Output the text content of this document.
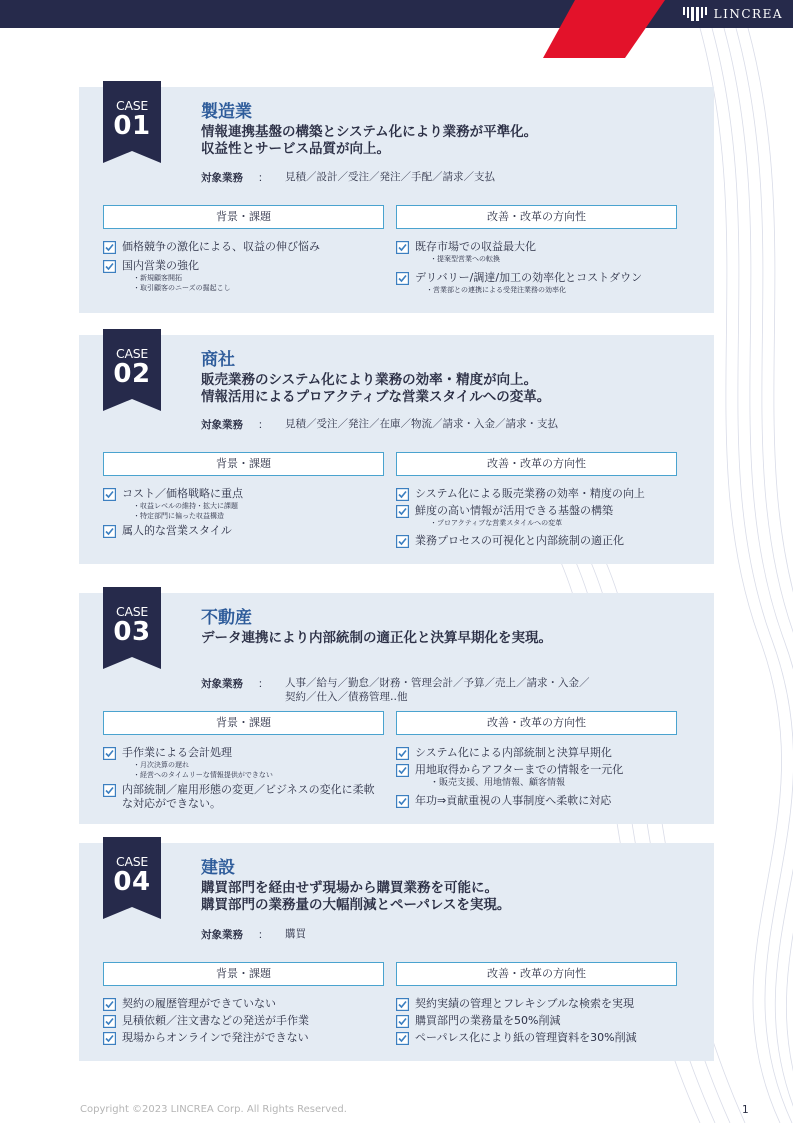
LINCREA
CASE
01	製造業
情報連携基盤の構築とシステム化により業務が平準化。
収益性とサービス品質が向上。
対象業務	：	見積／設計／受注／発注／手配／請求／支払
背景・課題	改善・改革の方向性
価格競争の激化による、収益の伸び悩み
国内営業の強化
・新規顧客開拓
・取引顧客のニーズの掘起こし
既存市場での収益最大化
・提案型営業への転換
デリバリー/調達/加工の効率化とコストダウン
・営業部との連携による受発注業務の効率化
CASE
02	商社
販売業務のシステム化により業務の効率・精度が向上。
情報活用によるプロアクティブな営業スタイルへの変革。
対象業務	：	見積／受注／発注／在庫／物流／請求・入金／請求・支払
背景・課題	改善・改革の方向性
コスト／価格戦略に重点
・収益レベルの維持・拡大に課題
・特定部門に偏った収益構造
属人的な営業スタイル
システム化による販売業務の効率・精度の向上
鮮度の高い情報が活用できる基盤の構築
・プロアクティブな営業スタイルへの変革
業務プロセスの可視化と内部統制の適正化
CASE
03	不動産
データ連携により内部統制の適正化と決算早期化を実現。
対象業務	：	人事／給与／勤怠／財務・管理会計／予算／売上／請求・入金／
契約／仕入／債務管理‥他
背景・課題	改善・改革の方向性
手作業による会計処理
・月次決算の遅れ
・経営へのタイムリーな情報提供ができない
内部統制／雇用形態の変更／ビジネスの変化に柔軟な対応ができない。
システム化による内部統制と決算早期化
用地取得からアフターまでの情報を一元化
・販売支援、用地情報、顧客情報
年功⇒貢献重視の人事制度へ柔軟に対応
CASE
04	建設
購買部門を経由せず現場から購買業務を可能に。
購買部門の業務量の大幅削減とペーパレスを実現。
対象業務	：	購買
背景・課題	改善・改革の方向性
契約の履歴管理ができていない
見積依頼／注文書などの発送が手作業
現場からオンラインで発注ができない
契約実績の管理とフレキシブルな検索を実現
購買部門の業務量を50%削減
ペーパレス化により紙の管理資料を30%削減
Copyright ©2023 LINCREA Corp. All Rights Reserved.	1
